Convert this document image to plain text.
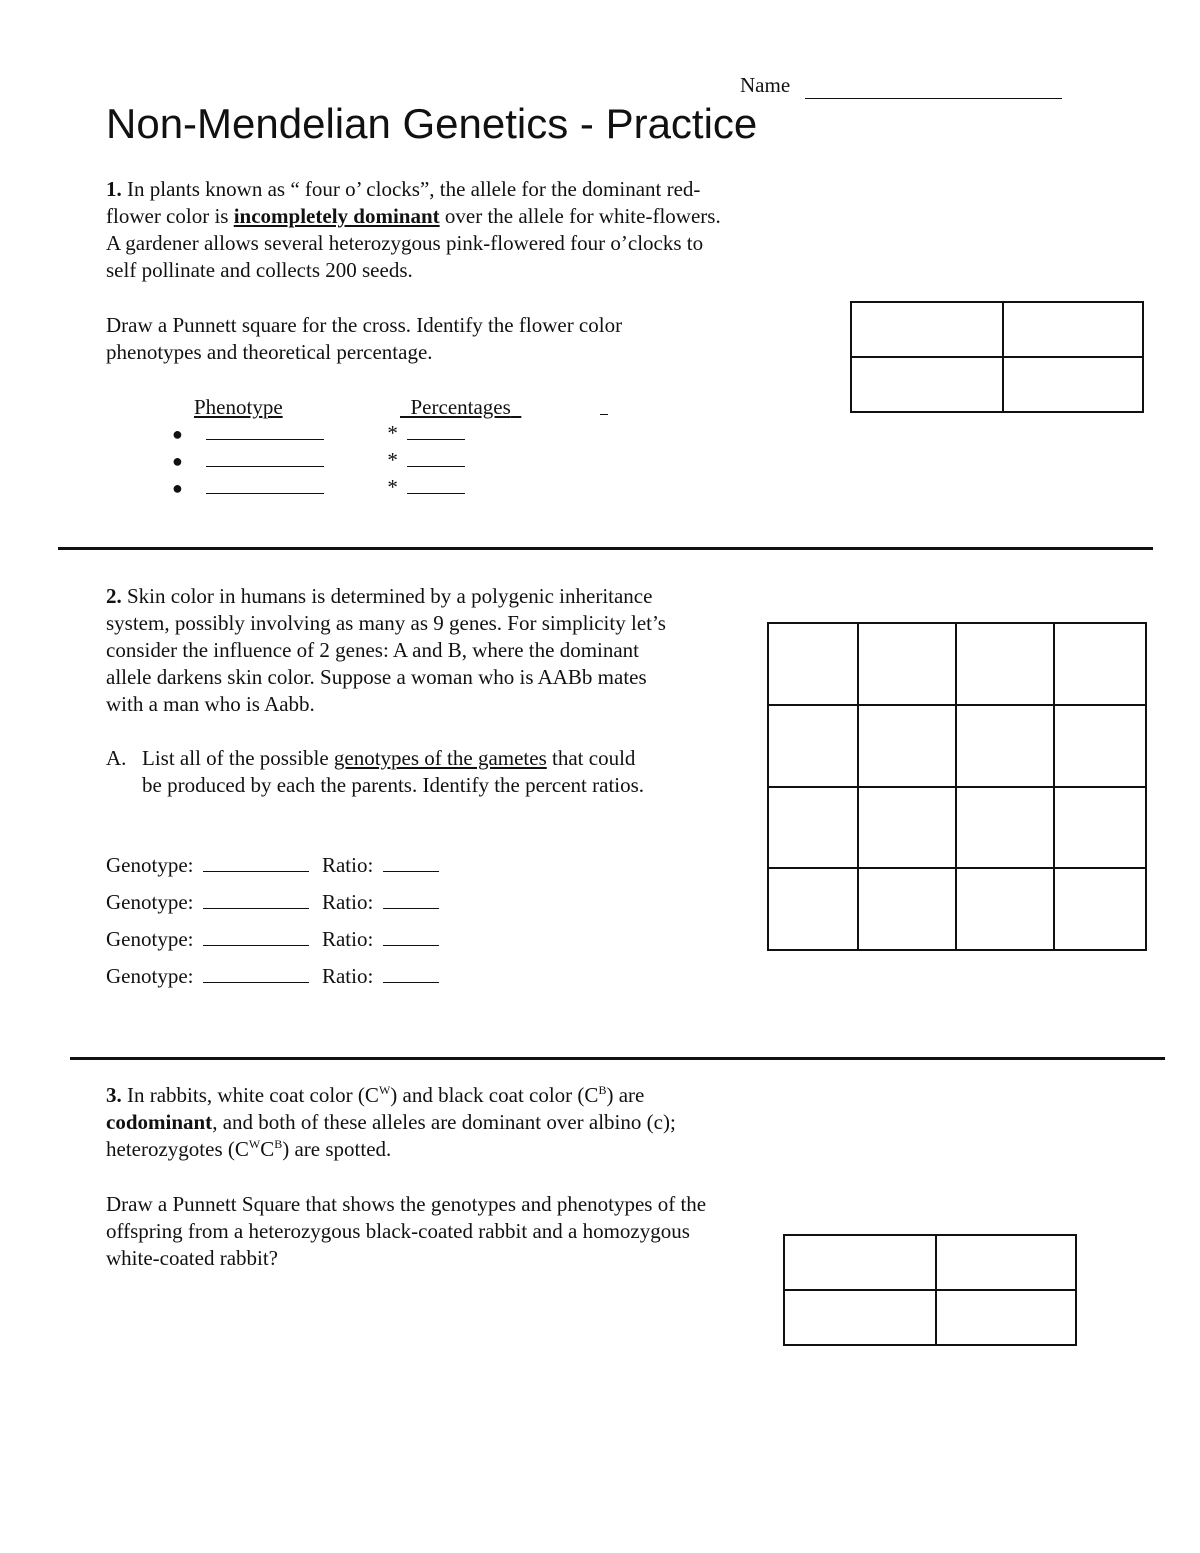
Name
Non-Mendelian Genetics - Practice

1. In plants known as “ four o’ clocks”, the allele for the dominant red-flower color is incompletely dominant over the allele for white-flowers. A gardener allows several heterozygous pink-flowered four o’clocks to self pollinate and collects 200 seeds.

Draw a Punnett square for the cross. Identify the flower color phenotypes and theoretical percentage.
Phenotype	Percentages
●	*
●	*
●	*

2. Skin color in humans is determined by a polygenic inheritance system, possibly involving as many as 9 genes. For simplicity let’s consider the influence of 2 genes: A and B, where the dominant allele darkens skin color. Suppose a woman who is AABb mates with a man who is Aabb.

A. List all of the possible genotypes of the gametes that could be produced by each the parents. Identify the percent ratios.
Genotype:	Ratio:
Genotype:	Ratio:
Genotype:	Ratio:
Genotype:	Ratio:

3. In rabbits, white coat color $(C^W)$ and black coat color $(C^B)$ are codominant, and both of these alleles are dominant over albino (c); heterozygotes $(C^WC^B)$ are spotted.

Draw a Punnett Square that shows the genotypes and phenotypes of the offspring from a heterozygous black-coated rabbit and a homozygous white-coated rabbit?
